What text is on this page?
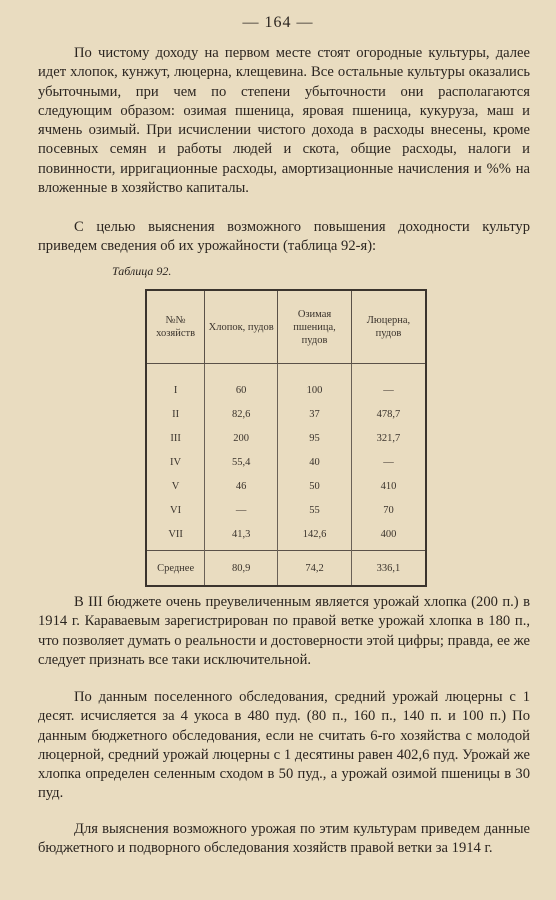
— 164 —

По чистому доходу на первом месте стоят огородные культуры, далее идет хлопок, кунжут, люцерна, клещевина. Все остальные культуры оказались убыточными, при чем по степени убыточности они располагаются следующим образом: озимая пшеница, яровая пшеница, кукуруза, маш и ячмень озимый. При исчислении чистого дохода в расходы внесены, кроме посевных семян и работы людей и скота, общие расходы, налоги и повинности, ирригационные расходы, амортизационные начисления и %% на вложенные в хозяйство капиталы.

С целью выяснения возможного повышения доходности культур приведем сведения об их урожайности (таблица 92-я):

Таблица 92.
№№ хозяйств	Хлопок, пудов	Озимая пшеница, пудов	Люцерна, пудов

I	60	100	—
II	82,6	37	478,7
III	200	95	321,7
IV	55,4	40	—
V	46	50	410
VI	—	55	70
VII	41,3	142,6	400
Среднее	80,9	74,2	336,1

В III бюджете очень преувеличенным является урожай хлопка (200 п.) в 1914 г. Караваевым зарегистрирован по правой ветке урожай хлопка в 180 п., что позволяет думать о реальности и достоверности этой цифры; правда, ее же следует признать все таки исключительной.

По данным поселенного обследования, средний урожай люцерны с 1 десят. исчисляется за 4 укоса в 480 пуд. (80 п., 160 п., 140 п. и 100 п.) По данным бюджетного обследования, если не считать 6-го хозяйства с молодой люцерной, средний урожай люцерны с 1 десятины равен 402,6 пуд. Урожай же хлопка определен селенным сходом в 50 пуд., а урожай озимой пшеницы в 30 пуд.

Для выяснения возможного урожая по этим культурам приведем данные бюджетного и подворного обследования хозяйств правой ветки за 1914 г.
